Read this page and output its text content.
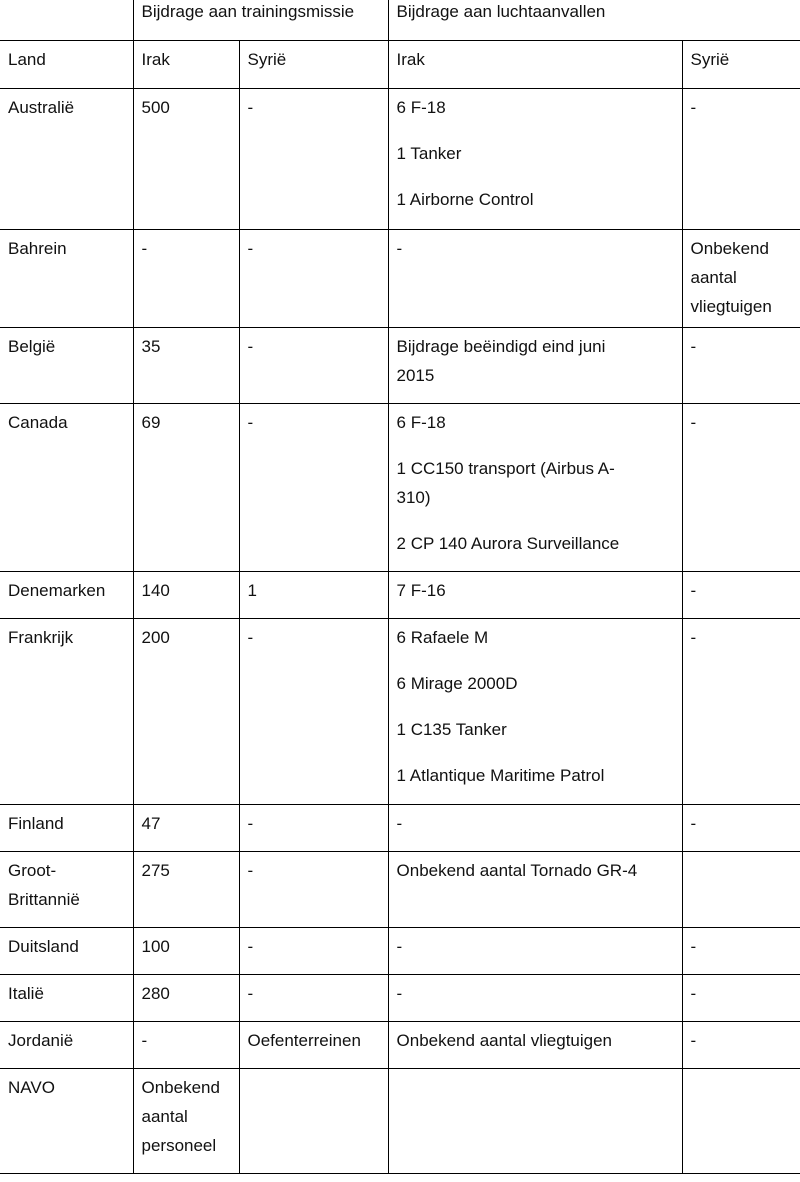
	Bijdrage aan trainingsmissie		Bijdrage aan luchtaanvallen	
Land	Irak	Syrië	Irak	Syrië

Australië	500	-	6 F-18
1 Tanker
1 Airborne Control	-

Bahrein	-	-	-	Onbekend
aantal
vliegtuigen

België	35	-	Bijdrage beëindigd eind juni
2015	-

Canada	69	-	6 F-18
1 CC150 transport (Airbus A-
310)
2 CP 140 Aurora Surveillance	-

Denemarken	140	1	7 F-16	-

Frankrijk	200	-	6 Rafaele M
6 Mirage 2000D
1 C135 Tanker
1 Atlantique Maritime Patrol	-

Finland	47	-	-	-

Groot-
Brittannië	275	-	Onbekend aantal Tornado GR-4	

Duitsland	100	-	-	-

Italië	280	-	-	-

Jordanië	-	Oefenterreinen	Onbekend aantal vliegtuigen	-

NAVO	Onbekend
aantal
personeel			
